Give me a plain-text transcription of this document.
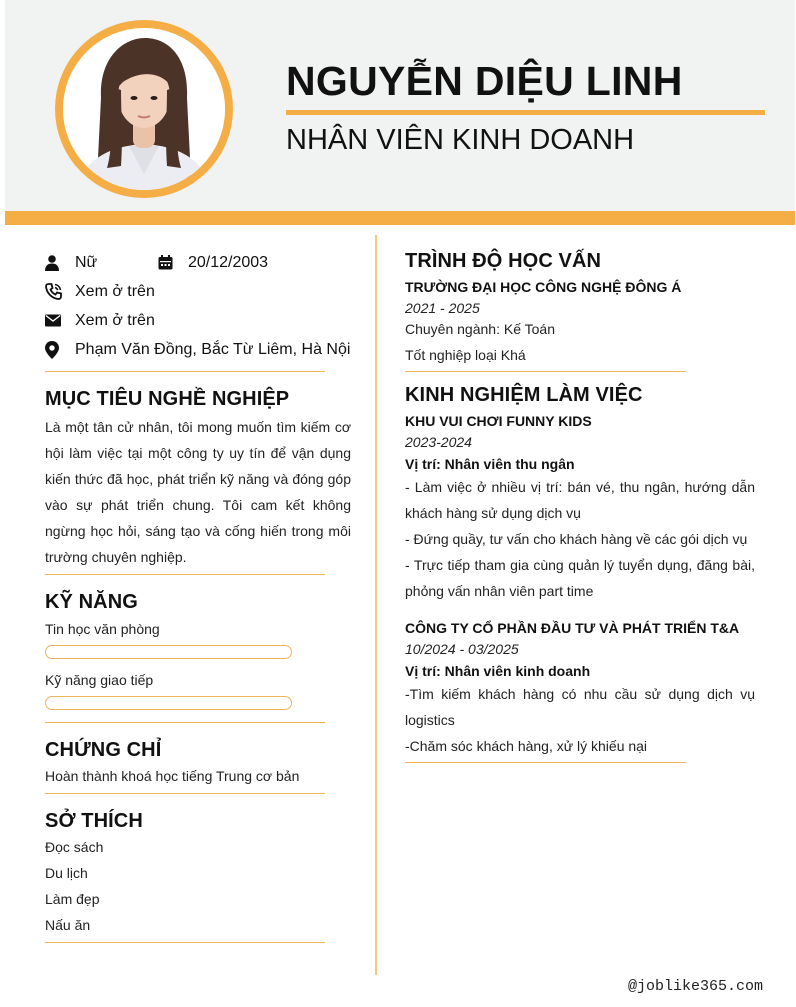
NGUYỄN DIỆU LINH
NHÂN VIÊN KINH DOANH
Nữ	20/12/2003
Xem ở trên
Xem ở trên
Phạm Văn Đồng, Bắc Từ Liêm, Hà Nội
MỤC TIÊU NGHỀ NGHIỆP
Là một tân cử nhân, tôi mong muốn tìm kiếm cơ hội làm việc tại một công ty uy tín để vận dụng kiến thức đã học, phát triển kỹ năng và đóng góp vào sự phát triển chung. Tôi cam kết không ngừng học hỏi, sáng tạo và cống hiến trong môi trường chuyên nghiệp.
KỸ NĂNG
Tin học văn phòng
Kỹ năng giao tiếp
CHỨNG CHỈ
Hoàn thành khoá học tiếng Trung cơ bản
SỞ THÍCH
Đọc sách
Du lịch
Làm đẹp
Nấu ăn
TRÌNH ĐỘ HỌC VẤN
TRƯỜNG ĐẠI HỌC CÔNG NGHỆ ĐÔNG Á
2021 - 2025
Chuyên ngành: Kế Toán
Tốt nghiệp loại Khá
KINH NGHIỆM LÀM VIỆC
KHU VUI CHƠI FUNNY KIDS
2023-2024
Vị trí: Nhân viên thu ngân
- Làm việc ở nhiều vị trí: bán vé, thu ngân, hướng dẫn khách hàng sử dụng dịch vụ
- Đứng quầy, tư vấn cho khách hàng về các gói dịch vụ
- Trực tiếp tham gia cùng quản lý tuyển dụng, đăng bài, phỏng vấn nhân viên part time
CÔNG TY CỔ PHẦN ĐẦU TƯ VÀ PHÁT TRIỂN T&A
10/2024 - 03/2025
Vị trí: Nhân viên kinh doanh
-Tìm kiếm khách hàng có nhu cầu sử dụng dịch vụ logistics
-Chăm sóc khách hàng, xử lý khiếu nại
@joblike365.com
